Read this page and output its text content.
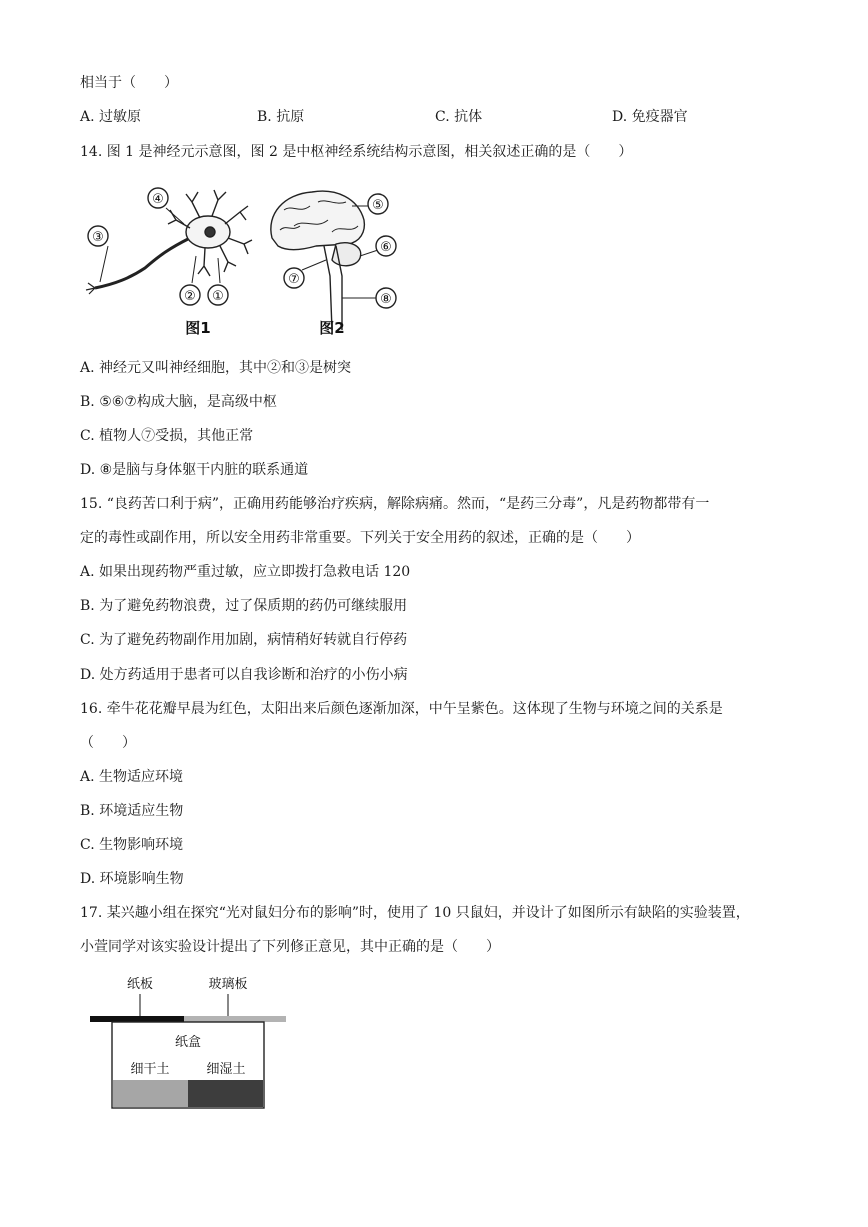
相当于（　　）
A. 过敏原	B. 抗原	C. 抗体	D. 免疫器官
14. 图 1 是神经元示意图，图 2 是中枢神经系统结构示意图，相关叙述正确的是（　　）
④
③
② ①
⑤
⑥
⑦
⑧
图1	图2
A. 神经元又叫神经细胞，其中②和③是树突
B. ⑤⑥⑦构成大脑，是高级中枢
C. 植物人⑦受损，其他正常
D. ⑧是脑与身体躯干内脏的联系通道
15. “良药苦口利于病”，正确用药能够治疗疾病，解除病痛。然而，“是药三分毒”，凡是药物都带有一
定的毒性或副作用，所以安全用药非常重要。下列关于安全用药的叙述，正确的是（　　）
A. 如果出现药物严重过敏，应立即拨打急救电话 120
B. 为了避免药物浪费，过了保质期的药仍可继续服用
C. 为了避免药物副作用加剧，病情稍好转就自行停药
D. 处方药适用于患者可以自我诊断和治疗的小伤小病
16. 牵牛花花瓣早晨为红色，太阳出来后颜色逐渐加深，中午呈紫色。这体现了生物与环境之间的关系是
（　　）
A. 生物适应环境
B. 环境适应生物
C. 生物影响环境
D. 环境影响生物
17. 某兴趣小组在探究“光对鼠妇分布的影响”时，使用了 10 只鼠妇，并设计了如图所示有缺陷的实验装置，
小萱同学对该实验设计提出了下列修正意见，其中正确的是（　　）
纸板	玻璃板
纸盒
细干土	细湿土
